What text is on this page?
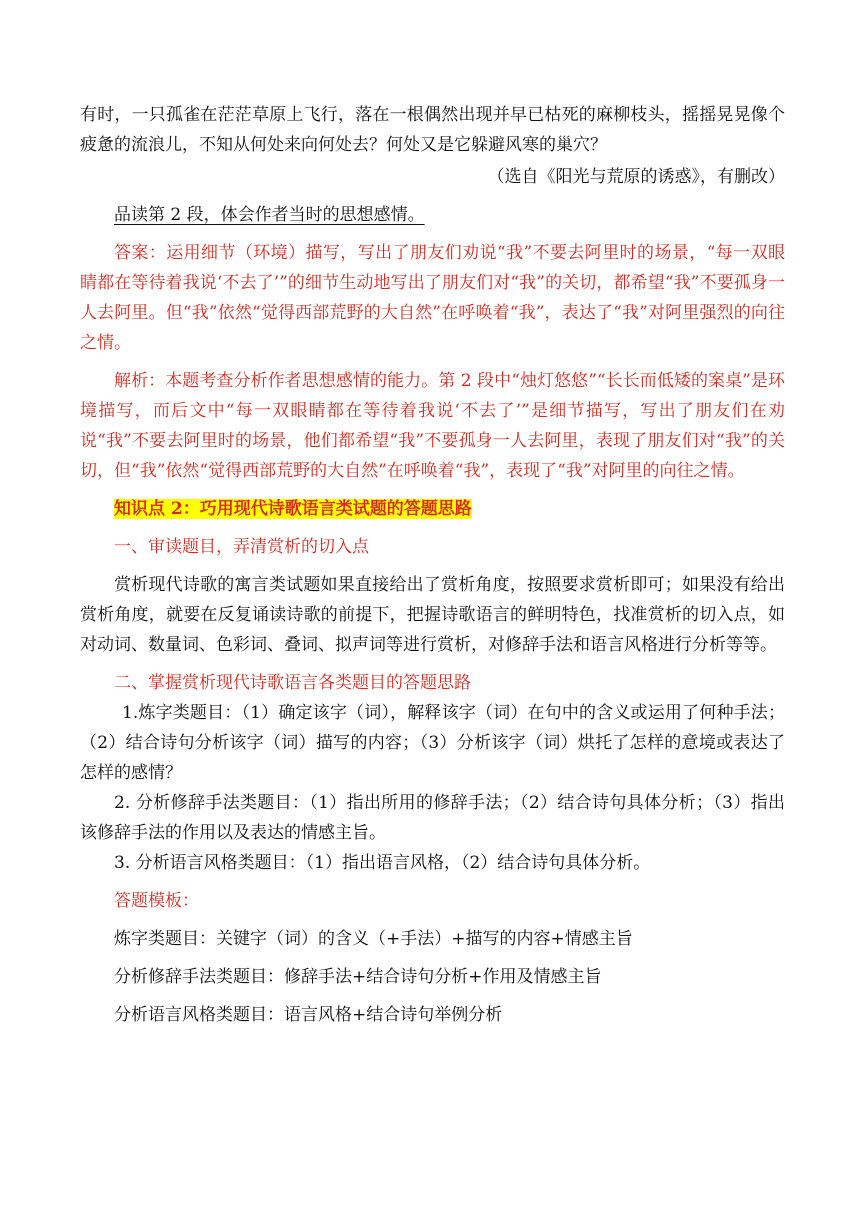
有时，一只孤雀在茫茫草原上飞行，落在一根偶然出现并早已枯死的麻柳枝头，摇摇晃晃像个疲惫的流浪儿，不知从何处来向何处去？何处又是它躲避风寒的巢穴？

（选自《阳光与荒原的诱惑》，有删改）

品读第 2 段，体会作者当时的思想感情。

答案：运用细节（环境）描写，写出了朋友们劝说“我”不要去阿里时的场景，“每一双眼睛都在等待着我说‘不去了’”的细节生动地写出了朋友们对“我”的关切，都希望“我”不要孤身一人去阿里。但“我”依然“觉得西部荒野的大自然”在呼唤着“我”，表达了“我”对阿里强烈的向往之情。

解析：本题考查分析作者思想感情的能力。第 2 段中“烛灯悠悠”“长长而低矮的案桌”是环境描写，而后文中“每一双眼睛都在等待着我说‘不去了’”是细节描写，写出了朋友们在劝说“我”不要去阿里时的场景，他们都希望“我”不要孤身一人去阿里，表现了朋友们对“我”的关切，但“我”依然“觉得西部荒野的大自然”在呼唤着“我”，表现了“我”对阿里的向往之情。

知识点 2：巧用现代诗歌语言类试题的答题思路

一、审读题目，弄清赏析的切入点

赏析现代诗歌的寓言类试题如果直接给出了赏析角度，按照要求赏析即可；如果没有给出赏析角度，就要在反复诵读诗歌的前提下，把握诗歌语言的鲜明特色，找准赏析的切入点，如对动词、数量词、色彩词、叠词、拟声词等进行赏析，对修辞手法和语言风格进行分析等等。

二、掌握赏析现代诗歌语言各类题目的答题思路

1.炼字类题目：（1）确定该字（词），解释该字（词）在句中的含义或运用了何种手法；（2）结合诗句分析该字（词）描写的内容；（3）分析该字（词）烘托了怎样的意境或表达了怎样的感情？

2. 分析修辞手法类题目：（1）指出所用的修辞手法；（2）结合诗句具体分析；（3）指出该修辞手法的作用以及表达的情感主旨。

3. 分析语言风格类题目：（1）指出语言风格，（2）结合诗句具体分析。

答题模板：

炼字类题目：关键字（词）的含义（+手法）+描写的内容+情感主旨

分析修辞手法类题目：修辞手法+结合诗句分析+作用及情感主旨

分析语言风格类题目：语言风格+结合诗句举例分析
